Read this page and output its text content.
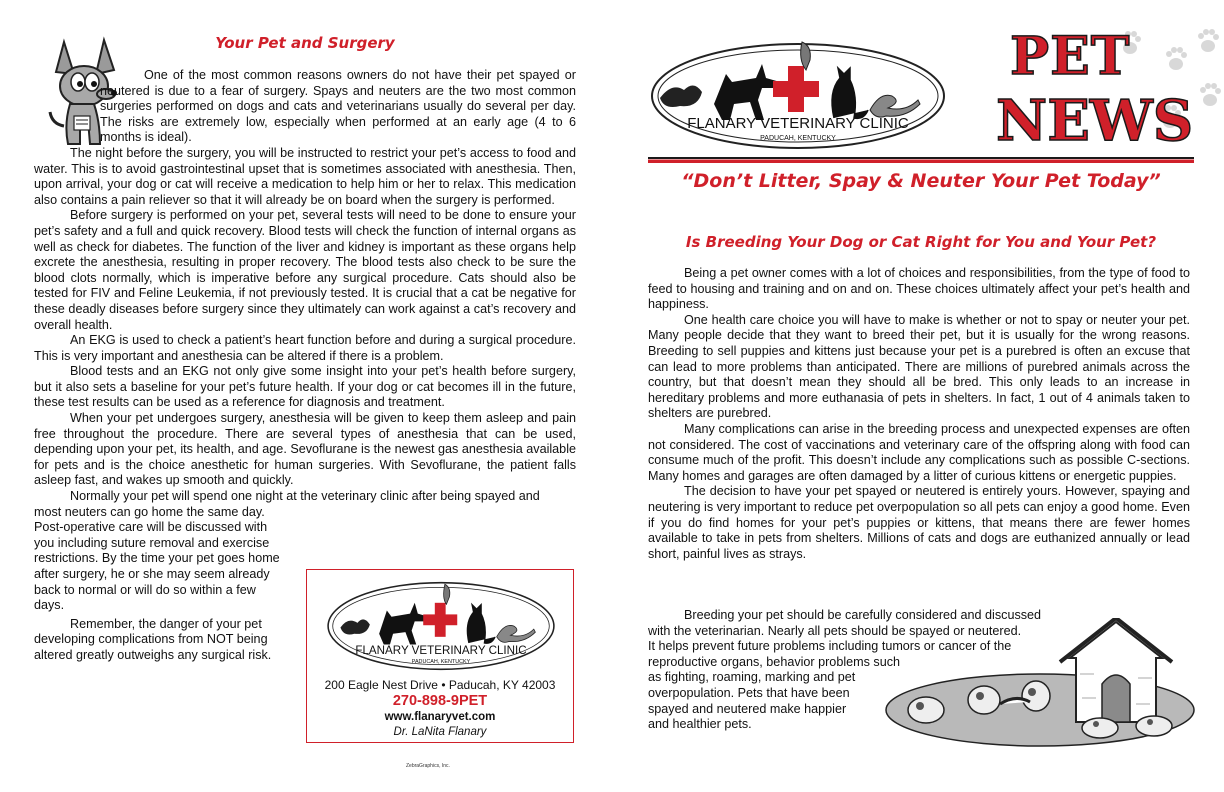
Your Pet and Surgery

One of the most common reasons owners do not have their pet spayed or neutered is due to a fear of surgery. Spays and neuters are the two most common surgeries performed on dogs and cats and veterinarians usually do several per day. The risks are extremely low, especially when performed at an early age (4 to 6 months is ideal).

The night before the surgery, you will be instructed to restrict your pet’s access to food and water. This is to avoid gastrointestinal upset that is sometimes associated with anesthesia. Then, upon arrival, your dog or cat will receive a medication to help him or her to relax. This medication also contains a pain reliever so that it will already be on board when the surgery is performed.

Before surgery is performed on your pet, several tests will need to be done to ensure your pet’s safety and a full and quick recovery. Blood tests will check the function of internal organs as well as check for diabetes. The function of the liver and kidney is important as these organs help excrete the anesthesia, resulting in proper recovery. The blood tests also check to be sure the blood clots normally, which is imperative before any surgical procedure. Cats should also be tested for FIV and Feline Leukemia, if not previously tested. It is crucial that a cat be negative for these deadly diseases before surgery since they ultimately can work against a cat’s recovery and overall health.

An EKG is used to check a patient’s heart function before and during a surgical procedure. This is very important and anesthesia can be altered if there is a problem.

Blood tests and an EKG not only give some insight into your pet’s health before surgery, but it also sets a baseline for your pet’s future health. If your dog or cat becomes ill in the future, these test results can be used as a reference for diagnosis and treatment.

When your pet undergoes surgery, anesthesia will be given to keep them asleep and pain free throughout the procedure. There are several types of anesthesia that can be used, depending upon your pet, its health, and age. Sevoflurane is the newest gas anesthesia available for pets and is the choice anesthetic for human surgeries. With Sevoflurane, the patient falls asleep fast, and wakes up smooth and quickly.

Normally your pet will spend one night at the veterinary clinic after being spayed and

most neuters can go home the same day.
Post-operative care will be discussed with
you including suture removal and exercise
restrictions. By the time your pet goes home
after surgery, he or she may seem already
back to normal or will do so within a few
days.
Remember, the danger of your pet
developing complications from NOT being
altered greatly outweighs any surgical risk.	FLANARY VETERINARY CLINIC
PADUCAH, KENTUCKY

200 Eagle Nest Drive • Paducah, KY 42003

270-898-9PET

www.flanaryvet.com

Dr. LaNita Flanary

ZebraGraphics, Inc.
FLANARY VETERINARY CLINIC
PADUCAH, KENTUCKY

PET

NEWS

“Don’t Litter, Spay & Neuter Your Pet Today”
Is Breeding Your Dog or Cat Right for You and Your Pet?

Being a pet owner comes with a lot of choices and responsibilities, from the type of food to feed to housing and training and on and on. These choices ultimately affect your pet’s health and happiness.

One health care choice you will have to make is whether or not to spay or neuter your pet. Many people decide that they want to breed their pet, but it is usually for the wrong reasons. Breeding to sell puppies and kittens just because your pet is a purebred is often an excuse that can lead to more problems than anticipated. There are millions of purebred animals across the country, but that doesn’t mean they should all be bred. This only leads to an increase in hereditary problems and more euthanasia of pets in shelters. In fact, 1 out of 4 animals taken to shelters are purebred.

Many complications can arise in the breeding process and unexpected expenses are often not considered. The cost of vaccinations and veterinary care of the offspring along with food can consume much of the profit. This doesn’t include any complications such as possible C-sections. Many homes and garages are often damaged by a litter of curious kittens or energetic puppies.

The decision to have your pet spayed or neutered is entirely yours. However, spaying and neutering is very important to reduce pet overpopulation so all pets can enjoy a good home. Even if you do find homes for your pet’s puppies or kittens, that means there are fewer homes available to take in pets from shelters. Millions of cats and dogs are euthanized annually or lead short, painful lives as strays.

Breeding your pet should be carefully considered and discussed
with the veterinarian. Nearly all pets should be spayed or neutered.
It helps prevent future problems including tumors or cancer of the
reproductive organs, behavior problems such
as fighting, roaming, marking and pet
overpopulation. Pets that have been
spayed and neutered make happier
and healthier pets.
